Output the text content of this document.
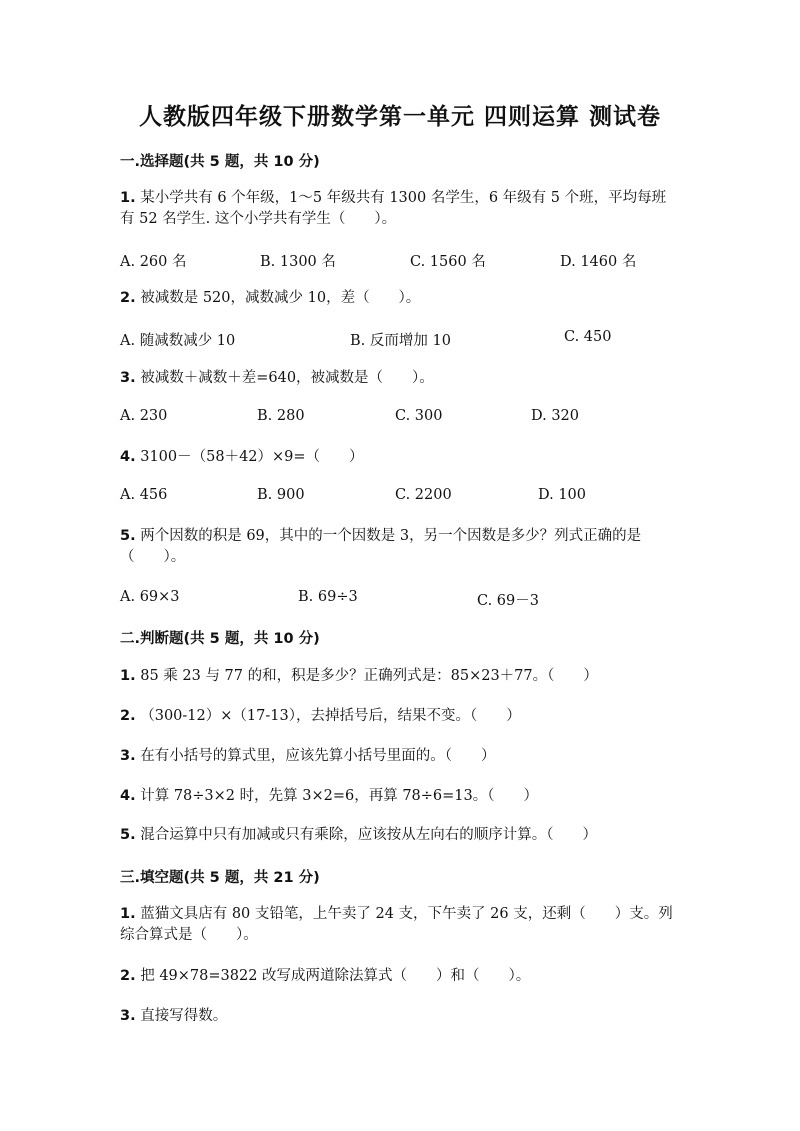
人教版四年级下册数学第一单元 四则运算 测试卷
一.选择题(共 5 题，共 10 分)
1. 某小学共有 6 个年级，1～5 年级共有 1300 名学生，6 年级有 5 个班，平均每班有 52 名学生. 这个小学共有学生（　　）。
A. 260 名	B. 1300 名	C. 1560 名	D. 1460 名
2. 被减数是 520，减数减少 10，差（　　）。
A. 随减数减少 10	B. 反而增加 10	C. 450
3. 被减数＋减数＋差=640，被减数是（　　）。
A. 230	B. 280	C. 300	D. 320
4. 3100－（58＋42）×9=（　　）
A. 456	B. 900	C. 2200	D. 100
5. 两个因数的积是 69，其中的一个因数是 3，另一个因数是多少？列式正确的是（　　）。
A. 69×3	B. 69÷3	C. 69－3
二.判断题(共 5 题，共 10 分)
1. 85 乘 23 与 77 的和，积是多少？正确列式是：85×23＋77。（　　）
2. （300-12）×（17-13），去掉括号后，结果不变。（　　）
3. 在有小括号的算式里，应该先算小括号里面的。（　　）
4. 计算 78÷3×2 时，先算 3×2=6，再算 78÷6=13。（　　）
5. 混合运算中只有加减或只有乘除，应该按从左向右的顺序计算。（　　）
三.填空题(共 5 题，共 21 分)
1. 蓝猫文具店有 80 支铅笔，上午卖了 24 支，下午卖了 26 支，还剩（　　）支。列综合算式是（　　）。
2. 把 49×78=3822 改写成两道除法算式（　　）和（　　）。
3. 直接写得数。
